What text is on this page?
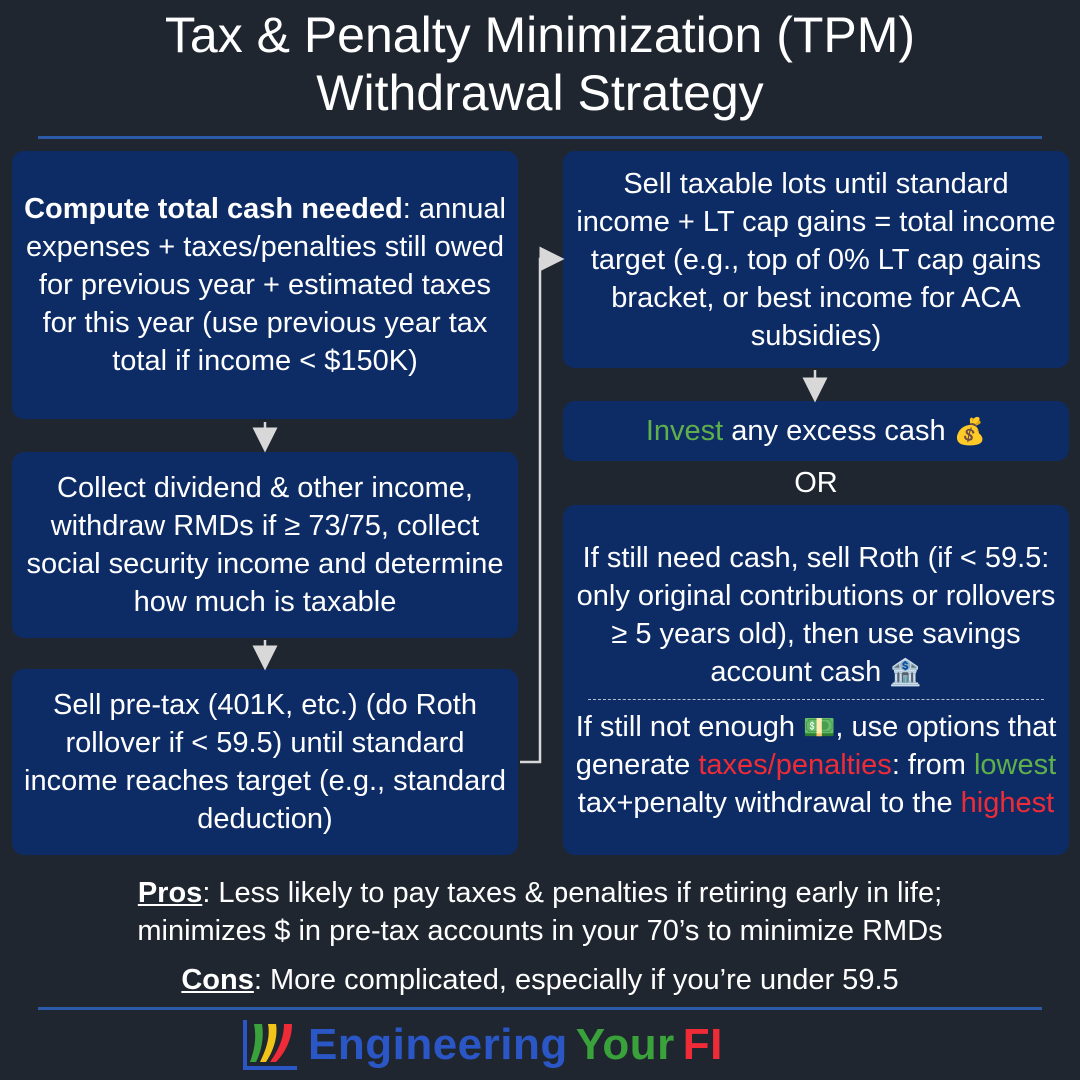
Tax & Penalty Minimization (TPM)
Withdrawal Strategy
Compute total cash needed: annual expenses + taxes/penalties still owed for previous year + estimated taxes for this year (use previous year tax total if income < $150K)
Collect dividend & other income, withdraw RMDs if ≥ 73/75, collect social security income and determine how much is taxable
Sell pre-tax (401K, etc.) (do Roth rollover if < 59.5) until standard income reaches target (e.g., standard deduction)
Sell taxable lots until standard income + LT cap gains = total income target (e.g., top of 0% LT cap gains bracket, or best income for ACA subsidies)
Invest any excess cash 💰
OR
If still need cash, sell Roth (if < 59.5: only original contributions or rollovers ≥ 5 years old), then use savings account cash 🏦
If still not enough 💵, use options that generate taxes/penalties: from lowest tax+penalty withdrawal to the highest
Pros: Less likely to pay taxes & penalties if retiring early in life;
minimizes $ in pre-tax accounts in your 70’s to minimize RMDs
Cons: More complicated, especially if you’re under 59.5
Engineering Your FI
